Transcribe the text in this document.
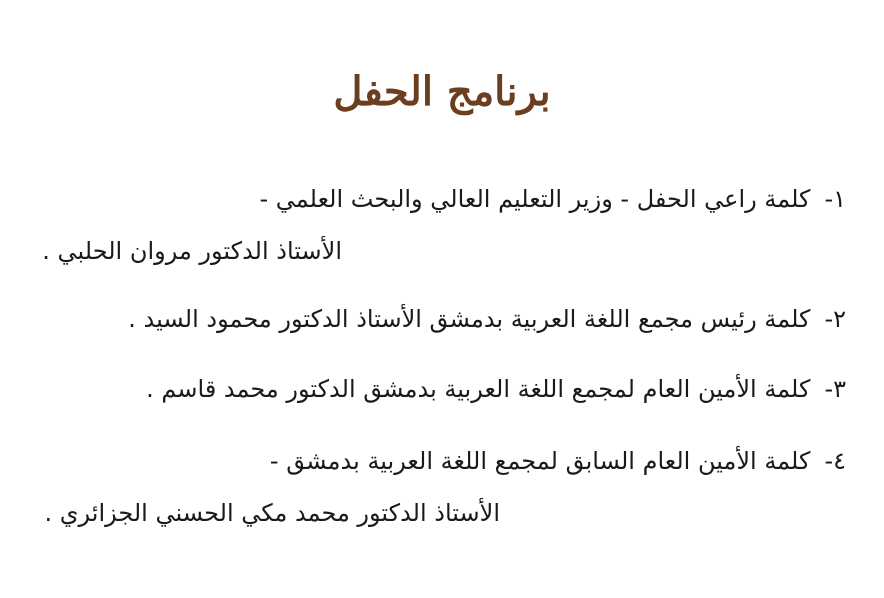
برنامج الحفل
١-كلمة راعي الحفل - وزير التعليم العالي والبحث العلمي -
الأستاذ الدكتور مروان الحلبي .
٢-كلمة رئيس مجمع اللغة العربية بدمشق الأستاذ الدكتور محمود السيد .
٣-كلمة الأمين العام لمجمع اللغة العربية بدمشق الدكتور محمد قاسم .
٤-كلمة الأمين العام السابق لمجمع اللغة العربية بدمشق -
الأستاذ الدكتور محمد مكي الحسني الجزائري .
